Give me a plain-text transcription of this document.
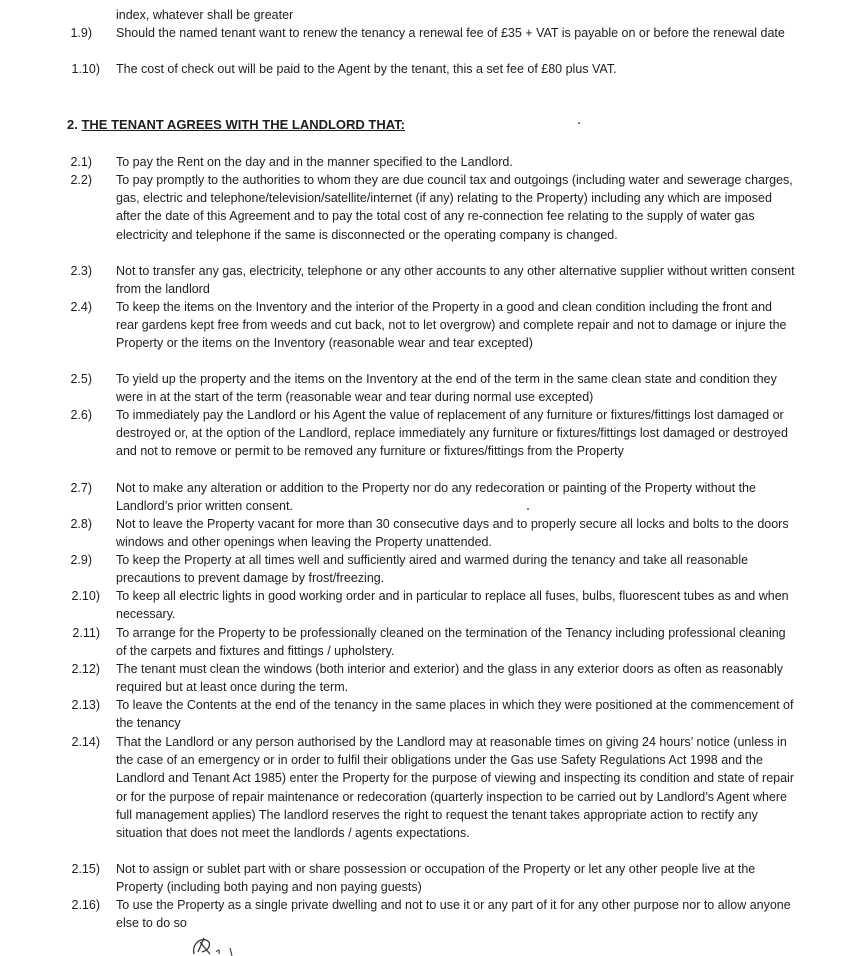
index, whatever shall be greater
1.9) Should the named tenant want to renew the tenancy a renewal fee of £35 + VAT is payable on or before the renewal date
1.10) The cost of check out will be paid to the Agent by the tenant, this a set fee of £80 plus VAT.
2. THE TENANT AGREES WITH THE LANDLORD THAT:
2.1) To pay the Rent on the day and in the manner specified to the Landlord.
2.2) To pay promptly to the authorities to whom they are due council tax and outgoings (including water and sewerage charges, gas, electric and telephone/television/satellite/internet (if any) relating to the Property) including any which are imposed after the date of this Agreement and to pay the total cost of any re-connection fee relating to the supply of water gas electricity and telephone if the same is disconnected or the operating company is changed.
2.3) Not to transfer any gas, electricity, telephone or any other accounts to any other alternative supplier without written consent from the landlord
2.4) To keep the items on the Inventory and the interior of the Property in a good and clean condition including the front and rear gardens kept free from weeds and cut back, not to let overgrow) and complete repair and not to damage or injure the Property or the items on the Inventory (reasonable wear and tear excepted)
2.5) To yield up the property and the items on the Inventory at the end of the term in the same clean state and condition they were in at the start of the term (reasonable wear and tear during normal use excepted)
2.6) To immediately pay the Landlord or his Agent the value of replacement of any furniture or fixtures/fittings lost damaged or destroyed or, at the option of the Landlord, replace immediately any furniture or fixtures/fittings lost damaged or destroyed and not to remove or permit to be removed any furniture or fixtures/fittings from the Property
2.7) Not to make any alteration or addition to the Property nor do any redecoration or painting of the Property without the Landlord’s prior written consent.
2.8) Not to leave the Property vacant for more than 30 consecutive days and to properly secure all locks and bolts to the doors windows and other openings when leaving the Property unattended.
2.9) To keep the Property at all times well and sufficiently aired and warmed during the tenancy and take all reasonable precautions to prevent damage by frost/freezing.
2.10) To keep all electric lights in good working order and in particular to replace all fuses, bulbs, fluorescent tubes as and when necessary.
2.11) To arrange for the Property to be professionally cleaned on the termination of the Tenancy including professional cleaning of the carpets and fixtures and fittings / upholstery.
2.12) The tenant must clean the windows (both interior and exterior) and the glass in any exterior doors as often as reasonably required but at least once during the term.
2.13) To leave the Contents at the end of the tenancy in the same places in which they were positioned at the commencement of the tenancy
2.14) That the Landlord or any person authorised by the Landlord may at reasonable times on giving 24 hours’ notice (unless in the case of an emergency or in order to fulfil their obligations under the Gas use Safety Regulations Act 1998 and the Landlord and Tenant Act 1985) enter the Property for the purpose of viewing and inspecting its condition and state of repair or for the purpose of repair maintenance or redecoration (quarterly inspection to be carried out by Landlord’s Agent where full management applies) The landlord reserves the right to request the tenant takes appropriate action to rectify any situation that does not meet the landlords / agents expectations.
2.15) Not to assign or sublet part with or share possession or occupation of the Property or let any other people live at the Property (including both paying and non paying guests)
2.16) To use the Property as a single private dwelling and not to use it or any part of it for any other purpose nor to allow anyone else to do so
